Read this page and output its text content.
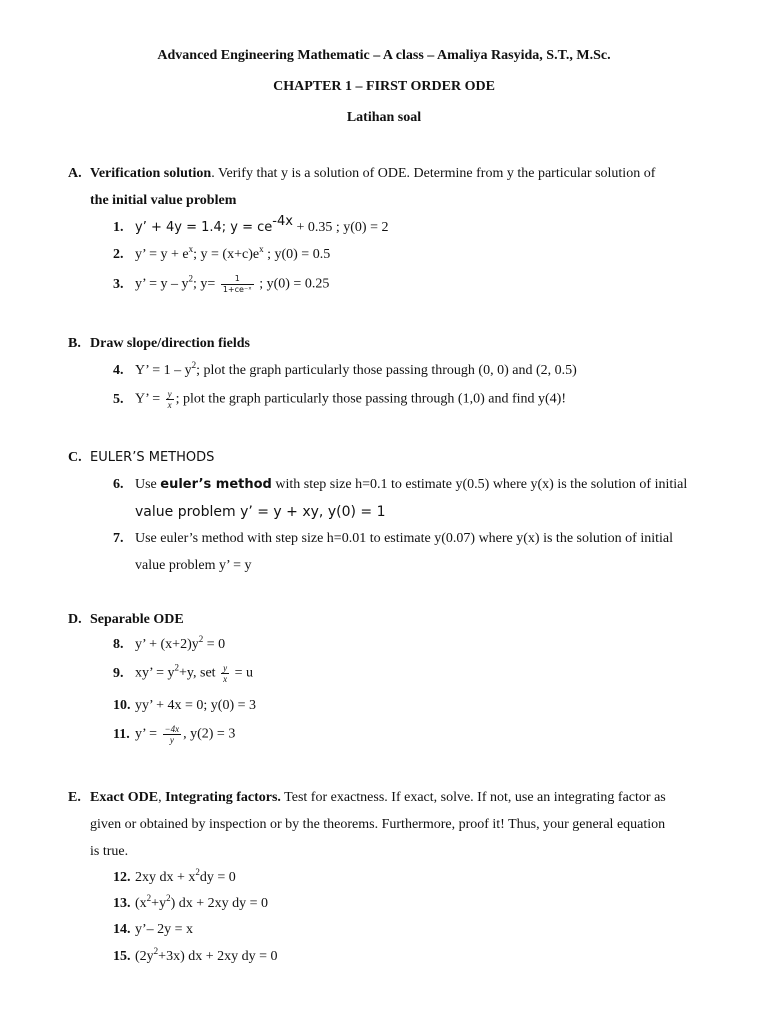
Advanced Engineering Mathematic – A class – Amaliya Rasyida, S.T., M.Sc.
CHAPTER 1 – FIRST ORDER ODE
Latihan soal
A. Verification solution. Verify that y is a solution of ODE. Determine from y the particular solution of
the initial value problem
1. y’ + 4y = 1.4; $y = ce^{-4x} + 0.35$ ; y(0) = 2
2. y’ = $y + e^x$; $y = (x+c)e^x$ ; y(0) = 0.5
3. y’ = y – $y^2$; $y= \frac{1}{\text{1+ce⁻ˣ}}$ ; y(0) = 0.25
B. Draw slope/direction fields
4. Y’ = $1 - y^2$; plot the graph particularly those passing through (0, 0) and (2, 0.5)
5. Y’ = $\frac{y}{x}$ ; plot the graph particularly those passing through (1,0) and find y(4)!
C. EULER’S METHODS
6. Use euler’s method with step size h=0.1 to estimate y(0.5) where y(x) is the solution of initial
value problem y’ = y + xy, y(0) = 1
7. Use euler’s method with step size h=0.01 to estimate y(0.07) where y(x) is the solution of initial
value problem y’ = y
D. Separable ODE
8. y’ + $(x+2)y^2 = 0$
9. xy’ = $y^2+y$, set $\frac{y}{x} = u$
10. yy’ + 4x = 0; y(0) = 3
11. y’ = $\frac{-4x}{y}$ , y(2) = 3
E. Exact ODE, Integrating factors. Test for exactness. If exact, solve. If not, use an integrating factor as
given or obtained by inspection or by the theorems. Furthermore, proof it! Thus, your general equation
is true.
12. 2xy dx + $x^2dy = 0$
13. $(x^2+y^2)$ dx + 2xy dy = 0
14. y’– 2y = x
15. $(2y^2+3x)$ dx + 2xy dy = 0
